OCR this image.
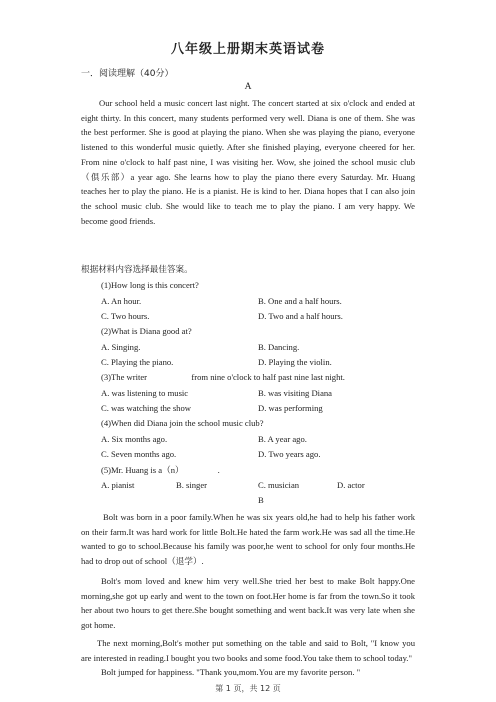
八年级上册期末英语试卷
一．阅读理解（40分）
A
Our school held a music concert last night. The concert started at six o'clock and ended at eight thirty. In this concert, many students performed very well. Diana is one of them. She was the best performer. She is good at playing the piano. When she was playing the piano, everyone listened to this wonderful music quietly. After she finished playing, everyone cheered for her. From nine o'clock to half past nine, I was visiting her. Wow, she joined the school music club（俱乐部）a year ago. She learns how to play the piano there every Saturday. Mr. Huang teaches her to play the piano. He is a pianist. He is kind to her. Diana hopes that I can also join the school music club. She would like to teach me to play the piano. I am very happy. We become good friends.
根据材料内容选择最佳答案。
(1)How long is this concert?
A. An hour.	B. One and a half hours.
C. Two hours.	D. Two and a half hours.
(2)What is Diana good at?
A. Singing.	B. Dancing.
C. Playing the piano.	D. Playing the violin.
(3)The writer	from nine o'clock to half past nine last night.
A. was listening to music	B. was visiting Diana
C. was watching the show	D. was performing
(4)When did Diana join the school music club?
A. Six months ago.	B. A year ago.
C. Seven months ago.	D. Two years ago.
(5)Mr. Huang is a（n）	.
A. pianist	B. singer	C. musician	D. actor
B
Bolt was born in a poor family.When he was six years old,he had to help his father work on their farm.It was hard work for little Bolt.He hated the farm work.He was sad all the time.He wanted to go to school.Because his family was poor,he went to school for only four months.He had to drop out of school（退学）.
Bolt's mom loved and knew him very well.She tried her best to make Bolt happy.One morning,she got up early and went to the town on foot.Her home is far from the town.So it took her about two hours to get there.She bought something and went back.It was very late when she got home.
The next morning,Bolt's mother put something on the table and said to Bolt, "I know you are interested in reading.I bought you two books and some food.You take them to school today."
Bolt jumped for happiness. "Thank you,mom.You are my favorite person. "
第 1 页，共 12 页
